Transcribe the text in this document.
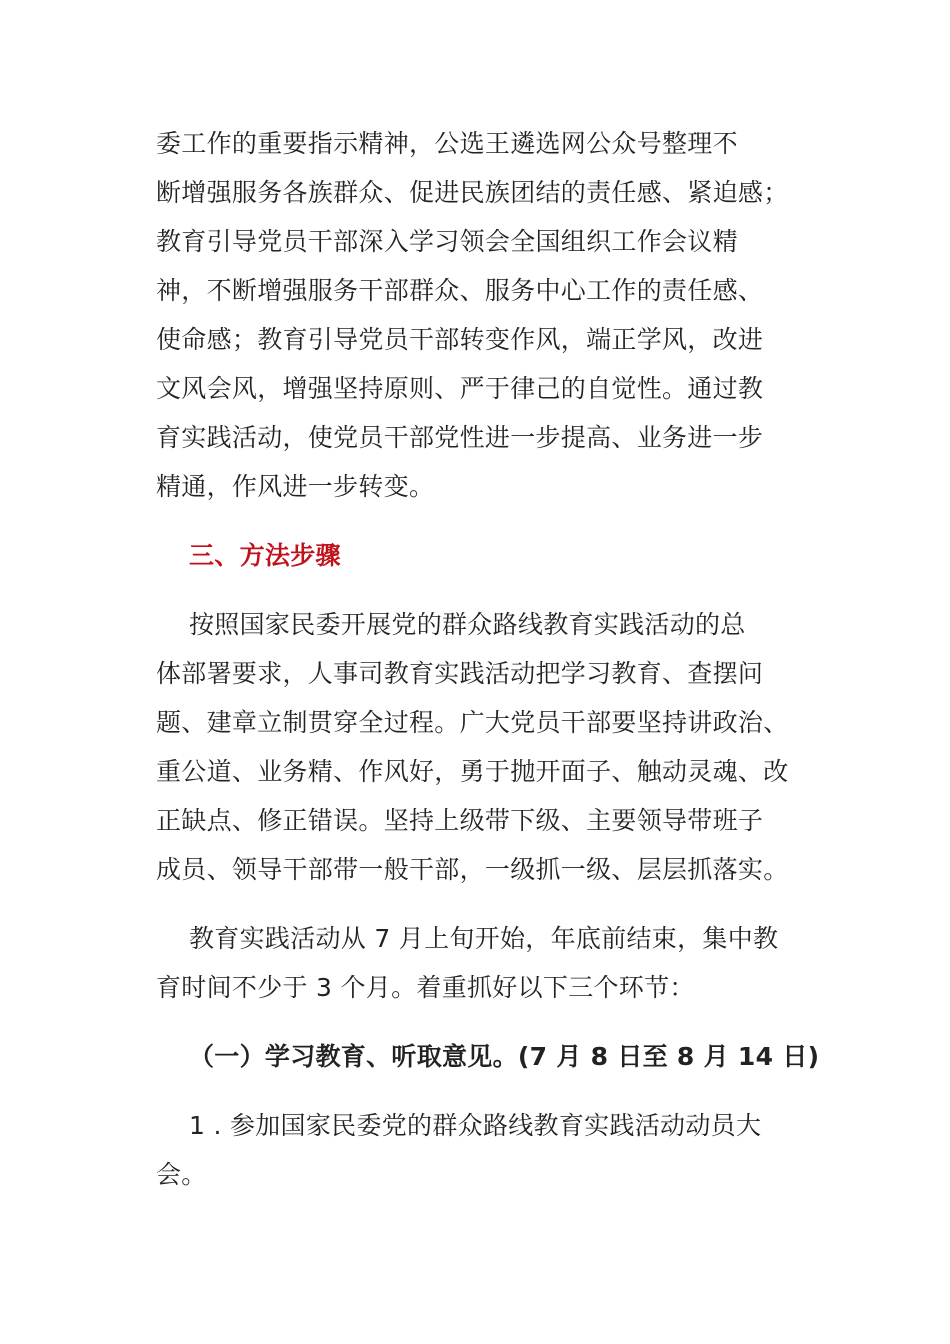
委工作的重要指示精神，公选王遴选网公众号整理不
断增强服务各族群众、促进民族团结的责任感、紧迫感；
教育引导党员干部深入学习领会全国组织工作会议精
神，不断增强服务干部群众、服务中心工作的责任感、
使命感；教育引导党员干部转变作风，端正学风，改进
文风会风，增强坚持原则、严于律己的自觉性。通过教
育实践活动，使党员干部党性进一步提高、业务进一步
精通，作风进一步转变。
三、方法步骤
按照国家民委开展党的群众路线教育实践活动的总
体部署要求，人事司教育实践活动把学习教育、查摆问
题、建章立制贯穿全过程。广大党员干部要坚持讲政治、
重公道、业务精、作风好，勇于抛开面子、触动灵魂、改
正缺点、修正错误。坚持上级带下级、主要领导带班子
成员、领导干部带一般干部，一级抓一级、层层抓落实。
教育实践活动从 7 月上旬开始，年底前结束，集中教
育时间不少于 3 个月。着重抓好以下三个环节：
（一）学习教育、听取意见。(7 月 8 日至 8 月 14 日)
1 . 参加国家民委党的群众路线教育实践活动动员大
会。
